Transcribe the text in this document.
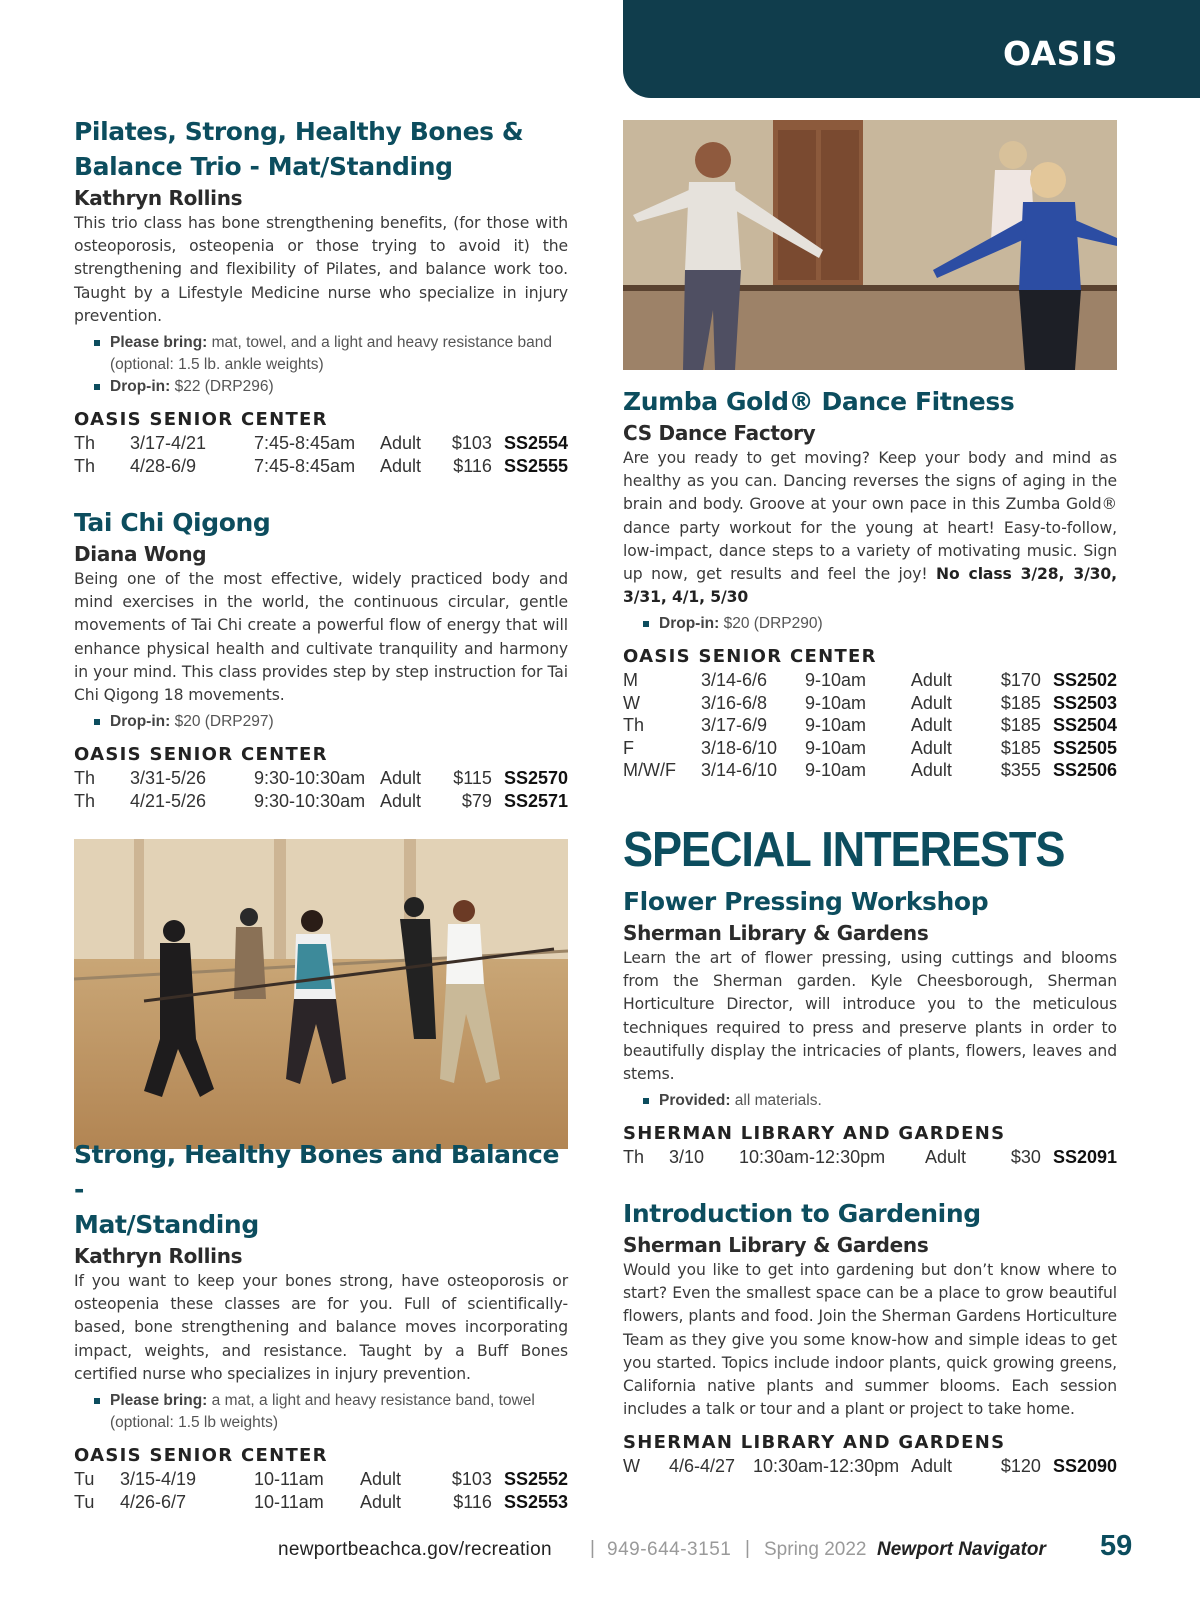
OASIS
Pilates, Strong, Healthy Bones &
Balance Trio - Mat/Standing
Kathryn Rollins

This trio class has bone strengthening benefits, (for those with osteoporosis, osteopenia or those trying to avoid it) the strengthening and flexibility of Pilates, and balance work too. Taught by a Lifestyle Medicine nurse who specialize in injury prevention.

Please bring: mat, towel, and a light and heavy resistance band (optional: 1.5 lb. ankle weights)
Drop-in: $22 (DRP296)
OASIS SENIOR CENTER
Th	3/17-4/21	7:45-8:45am	Adult	$103	SS2554
Th	4/28-6/9	7:45-8:45am	Adult	$116	SS2555
Tai Chi Qigong
Diana Wong

Being one of the most effective, widely practiced body and mind exercises in the world, the continuous circular, gentle movements of Tai Chi create a powerful flow of energy that will enhance physical health and cultivate tranquility and harmony in your mind. This class provides step by step instruction for Tai Chi Qigong 18 movements.

Drop-in: $20 (DRP297)
OASIS SENIOR CENTER
Th	3/31-5/26	9:30-10:30am	Adult	$115	SS2570
Th	4/21-5/26	9:30-10:30am	Adult	$79	SS2571
Strong, Healthy Bones and Balance -
Mat/Standing
Kathryn Rollins

If you want to keep your bones strong, have osteoporosis or osteopenia these classes are for you. Full of scientifically-based, bone strengthening and balance moves incorporating impact, weights, and resistance. Taught by a Buff Bones certified nurse who specializes in injury prevention.

Please bring: a mat, a light and heavy resistance band, towel (optional: 1.5 lb weights)
OASIS SENIOR CENTER
Tu	3/15-4/19	10-11am	Adult	$103	SS2552
Tu	4/26-6/7	10-11am	Adult	$116	SS2553
Zumba Gold® Dance Fitness
CS Dance Factory

Are you ready to get moving? Keep your body and mind as healthy as you can. Dancing reverses the signs of aging in the brain and body. Groove at your own pace in this Zumba Gold® dance party workout for the young at heart! Easy-to-follow, low-impact, dance steps to a variety of motivating music. Sign up now, get results and feel the joy! No class 3/28, 3/30, 3/31, 4/1, 5/30

Drop-in: $20 (DRP290)
OASIS SENIOR CENTER
M	3/14-6/6	9-10am	Adult	$170	SS2502
W	3/16-6/8	9-10am	Adult	$185	SS2503
Th	3/17-6/9	9-10am	Adult	$185	SS2504
F	3/18-6/10	9-10am	Adult	$185	SS2505
M/W/F	3/14-6/10	9-10am	Adult	$355	SS2506
SPECIAL INTERESTS
Flower Pressing Workshop
Sherman Library & Gardens

Learn the art of flower pressing, using cuttings and blooms from the Sherman garden. Kyle Cheesborough, Sherman Horticulture Director, will introduce you to the meticulous techniques required to press and preserve plants in order to beautifully display the intricacies of plants, flowers, leaves and stems.

Provided: all materials.
SHERMAN LIBRARY AND GARDENS
Th	3/10	10:30am-12:30pm	Adult	$30	SS2091
Introduction to Gardening
Sherman Library & Gardens

Would you like to get into gardening but don’t know where to start? Even the smallest space can be a place to grow beautiful flowers, plants and food. Join the Sherman Gardens Horticulture Team as they give you some know-how and simple ideas to get you started. Topics include indoor plants, quick growing greens, California native plants and summer blooms. Each session includes a talk or tour and a plant or project to take home.

SHERMAN LIBRARY AND GARDENS
W	4/6-4/27	10:30am-12:30pm	Adult	$120	SS2090
newportbeachca.gov/recreation | 949-644-3151 | Spring 2022 Newport Navigator 59
